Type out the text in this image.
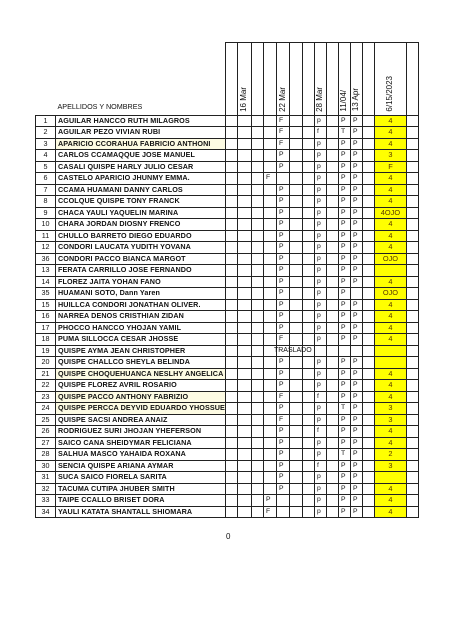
	APELLIDOS Y NOMBRES		16 Mar			22 Mar			28 Mar		11/04/	13 Apr		6/15/2023	

1	AGUILAR HANCCO RUTH MILAGROS					F			p		P	P		4	
2	AGUILAR PEZO VIVIAN RUBI					F			f		T	P		4	
3	APARICIO CCORAHUA FABRICIO ANTHONI					F			p		P	P		4	
4	CARLOS CCAMAQQUE JOSE MANUEL					P			p		P	P		3	
5	CASALI QUISPE HARLY JULIO CESAR					P			p		P	P		F	
6	CASTELO APARICIO JHUNMY EMMA.				F				p		P	P		4	
7	CCAMA HUAMANI DANNY CARLOS					P			p		P	P		4	
8	CCOLQUE QUISPE TONY FRANCK					P			p		P	P		4	
9	CHACA YAULI YAQUELIN MARINA					P			p		P	P		4OJO	
10	CHARA JORDAN DIOSNY FRENCO					P			p		P	P		4	
11	CHULLO BARRETO DIEGO EDUARDO					P			p		P	P		4	
12	CONDORI LAUCATA YUDITH YOVANA					P			p		P	P		4	
36	CONDORI PACCO BIANCA MARGOT					P			p		P	P		OJO	
13	FERATA CARRILLO JOSE FERNANDO					P			p		P	P			
14	FLOREZ JAITA YOHAN FANO					P			p		P	P		4	
35	HUAMANI SOTO, Dann Yaren					P			p		P			OJO	
15	HUILLCA CONDORI JONATHAN OLIVER.					P			p		P	P		4	
16	NARREA DENOS CRISTHIAN ZIDAN					P			p		P	P		4	
17	PHOCCO HANCCO YHOJAN YAMIL					P			p		P	P		4	
18	PUMA SILLOCCA CESAR JHOSSE					F			p		P	P		4	
19	QUISPE AYMA JEAN CHRISTOPHER					TRASLADO									

20	QUISPE CHALLCO SHEYLA BELINDA					P			p		P	P			
21	QUISPE CHOQUEHUANCA NESLHY ANGELICA					P			p		P	P		4	
22	QUISPE FLOREZ AVRIL ROSARIO					P			p		P	P		4	
23	QUISPE PACCO ANTHONY FABRIZIO					F			f		P	P		4	
24	QUISPE PERCCA DEYVID EDUARDO YHOSSUE					P			p		T	P		3	
25	QUISPE SACSI ANDREA ANAIZ					F			p		P	P		3	
26	RODRIGUEZ SURI JHOJAN YHEFERSON					P			f		P	P		4	
27	SAICO CANA SHEIDYMAR FELICIANA					P			p		P	P		4	
28	SALHUA MASCO YAHAIDA ROXANA					P			p		T	P		2	
30	SENCIA QUISPE ARIANA AYMAR					P			f		P	P		3	
31	SUCA SAICO FIORELA SARITA					P			p		P	P			
32	TACUMA CUTIPA JHUBER SMITH					P			p		P	P		4	
33	TAIPE CCALLO BRISET DORA				P				p		P	P		4	
34	YAULI KATATA SHANTALL SHIOMARA				F				p		P	P		4	
0
